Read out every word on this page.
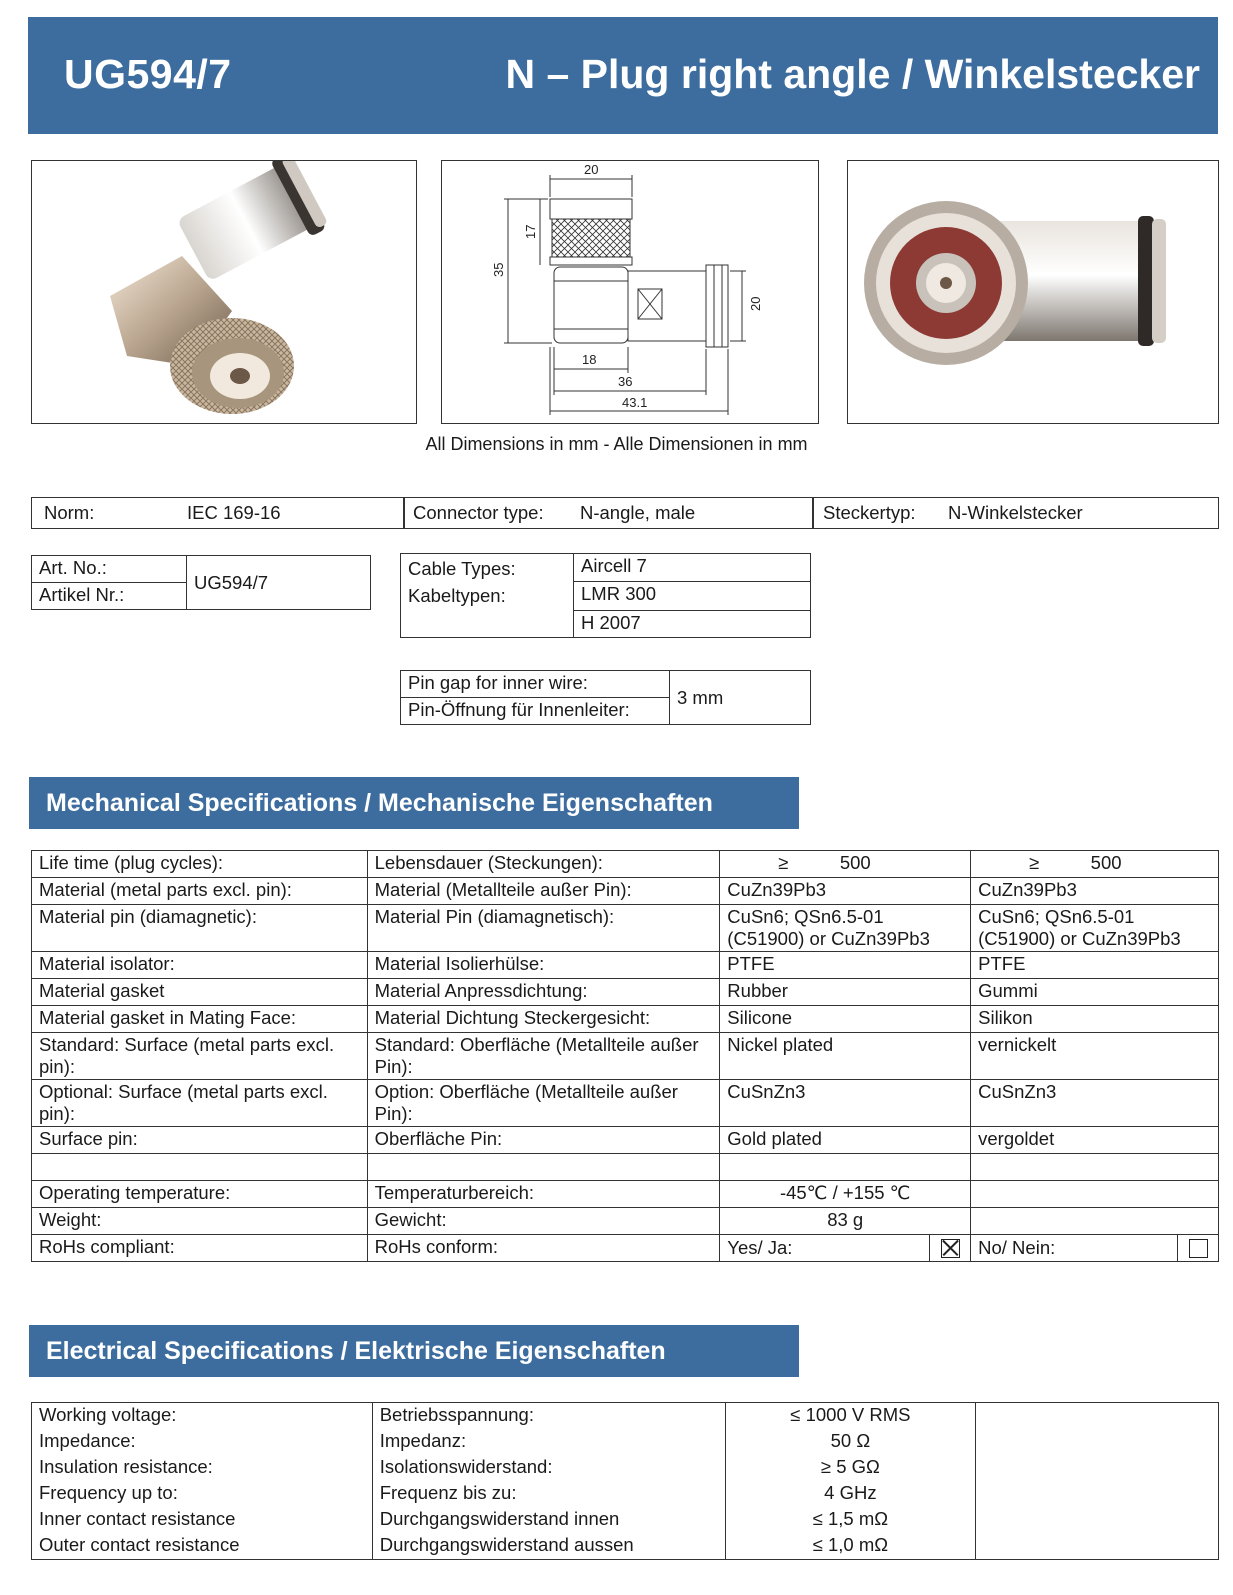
UG594/7	N – Plug right angle / Winkelstecker
20
17
35
20
18
36
43.1
All Dimensions in mm - Alle Dimensionen in mm
Norm:	IEC 169-16	Connector type: N-angle, male	Steckertyp: N-Winkelstecker
Art. No.:	UG594/7
Artikel Nr.:
Cable Types:
Kabeltypen:	Aircell 7
	LMR 300
	H 2007
Pin gap for inner wire:	3 mm
Pin-Öffnung für Innenleiter:
Mechanical Specifications / Mechanische Eigenschaften
Life time (plug cycles):	Lebensdauer (Steckungen):	≥          500	≥          500
Material (metal parts excl. pin):	Material (Metallteile außer Pin):	CuZn39Pb3	CuZn39Pb3
Material pin (diamagnetic):	Material Pin (diamagnetisch):	CuSn6; QSn6.5-01 (C51900) or CuZn39Pb3	CuSn6; QSn6.5-01 (C51900) or CuZn39Pb3
Material isolator:	Material Isolierhülse:	PTFE	PTFE
Material gasket	Material Anpressdichtung:	Rubber	Gummi
Material gasket in Mating Face:	Material Dichtung Steckergesicht:	Silicone	Silikon
Standard: Surface (metal parts excl. pin):	Standard: Oberfläche (Metallteile außer Pin):	Nickel plated	vernickelt
Optional: Surface (metal parts excl. pin):	Option: Oberfläche (Metallteile außer Pin):	CuSnZn3	CuSnZn3
Surface pin:	Oberfläche Pin:	Gold plated	vergoldet

Operating temperature:	Temperaturbereich:	-45℃ / +155 ℃	
Weight:	Gewicht:	83 g	
RoHs compliant:	RoHs conform:	Yes/ Ja:	No/ Nein:
Electrical Specifications / Elektrische Eigenschaften
Working voltage:	Betriebsspannung:	≤ 1000 V RMS	
Impedance:	Impedanz:	50 Ω	
Insulation resistance:	Isolationswiderstand:	≥ 5 GΩ	
Frequency up to:	Frequenz bis zu:	4 GHz	
Inner contact resistance	Durchgangswiderstand innen	≤ 1,5 mΩ	
Outer contact resistance	Durchgangswiderstand aussen	≤ 1,0 mΩ	
